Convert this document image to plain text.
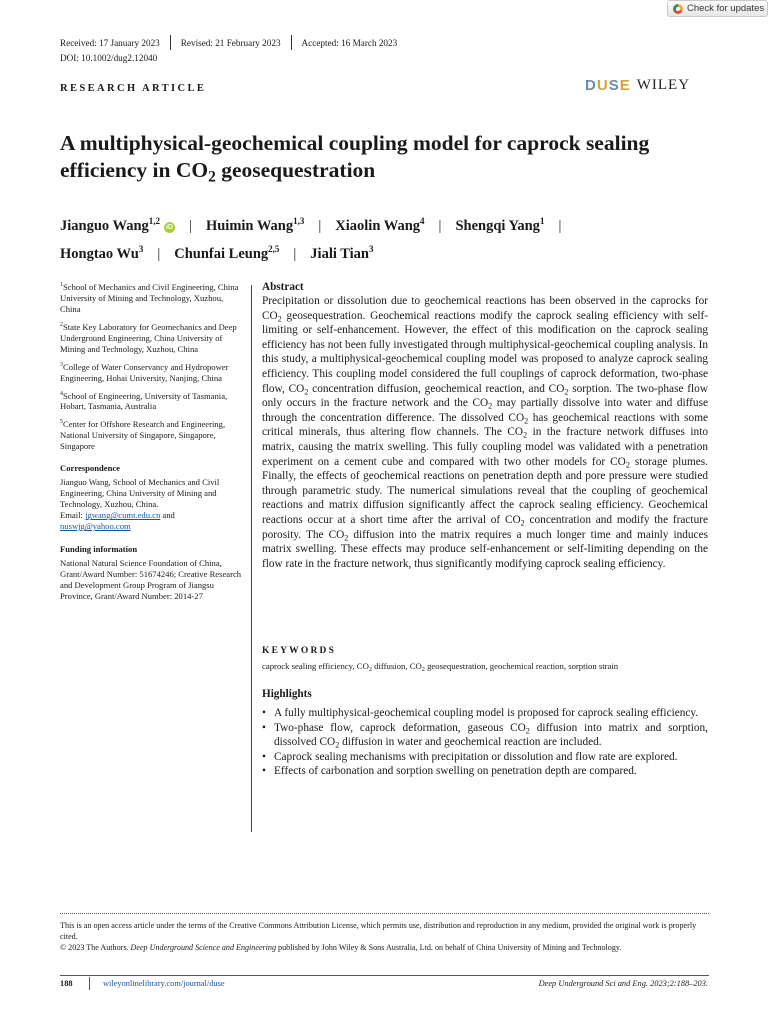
Check for updates
Received: 17 January 2023 Revised: 21 February 2023 Accepted: 16 March 2023
DOI: 10.1002/dug2.12040
RESEARCH ARTICLE	DUSE WILEY
A multiphysical-geochemical coupling model for caprock sealing
efficiency in $CO_2$ geosequestration
Jianguo Wang$^{1,2}$iD | Huimin Wang$^{1,3}$ | Xiaolin Wang$^4$ | Shengqi Yang$^1$ |
Hongtao Wu$^3$ | Chunfai Leung$^{2,5}$ | Jiali Tian$^3$
$^1$School of Mechanics and Civil Engineering, China University of Mining and Technology, Xuzhou, China
$^2$State Key Laboratory for Geomechanics and Deep Underground Engineering, China University of Mining and Technology, Xuzhou, China
$^3$College of Water Conservancy and Hydropower Engineering, Hohai University, Nanjing, China
$^4$School of Engineering, University of Tasmania, Hobart, Tasmania, Australia
$^5$Center for Offshore Research and Engineering, National University of Singapore, Singapore, Singapore
Correspondence
Jianguo Wang, School of Mechanics and Civil Engineering, China University of Mining and Technology, Xuzhou, China.
Email: jgwang@cumt.edu.cn and
nuswjg@yahoo.com
Funding information
National Natural Science Foundation of China, Grant/Award Number: 51674246; Creative Research and Development Group Program of Jiangsu Province, Grant/Award Number: 2014-27
Abstract
Precipitation or dissolution due to geochemical reactions has been observed in the caprocks for $CO_2$ geosequestration. Geochemical reactions modify the caprock sealing efficiency with self-limiting or self-enhancement. However, the effect of this modification on the caprock sealing efficiency has not been fully investigated through multiphysical-geochemical coupling analysis. In this study, a multiphysical-geochemical coupling model was proposed to analyze caprock sealing efficiency. This coupling model considered the full couplings of caprock deformation, two-phase flow, $CO_2$ concentration diffusion, geochemical reaction, and $CO_2$ sorption. The two-phase flow only occurs in the fracture network and the $CO_2$ may partially dissolve into water and diffuse through the concentration difference. The dissolved $CO_2$ has geochemical reactions with some critical minerals, thus altering flow channels. The $CO_2$ in the fracture network diffuses into matrix, causing the matrix swelling. This fully coupling model was validated with a penetration experiment on a cement cube and compared with two other models for $CO_2$ storage plumes. Finally, the effects of geochemical reactions on penetration depth and pore pressure were studied through parametric study. The numerical simulations reveal that the coupling of geochemical reactions and matrix diffusion significantly affect the caprock sealing efficiency. Geochemical reactions occur at a short time after the arrival of $CO_2$ concentration and modify the fracture porosity. The $CO_2$ diffusion into the matrix requires a much longer time and mainly induces matrix swelling. These effects may produce self-enhancement or self-limiting depending on the flow rate in the fracture network, thus significantly modifying caprock sealing efficiency.
KEYWORDS
caprock sealing efficiency, $CO_2$ diffusion, $CO_2$ geosequestration, geochemical reaction, sorption strain
Highlights
• A fully multiphysical-geochemical coupling model is proposed for caprock sealing efficiency.
• Two-phase flow, caprock deformation, gaseous $CO_2$ diffusion into matrix and sorption, dissolved $CO_2$ diffusion in water and geochemical reaction are included.
• Caprock sealing mechanisms with precipitation or dissolution and flow rate are explored.
• Effects of carbonation and sorption swelling on penetration depth are compared.
This is an open access article under the terms of the Creative Commons Attribution License, which permits use, distribution and reproduction in any medium, provided the original work is properly cited.
© 2023 The Authors. Deep Underground Science and Engineering published by John Wiley & Sons Australia, Ltd. on behalf of China University of Mining and Technology.
188	wileyonlinelibrary.com/journal/duse	Deep Underground Sci and Eng. 2023;2:188–203.
